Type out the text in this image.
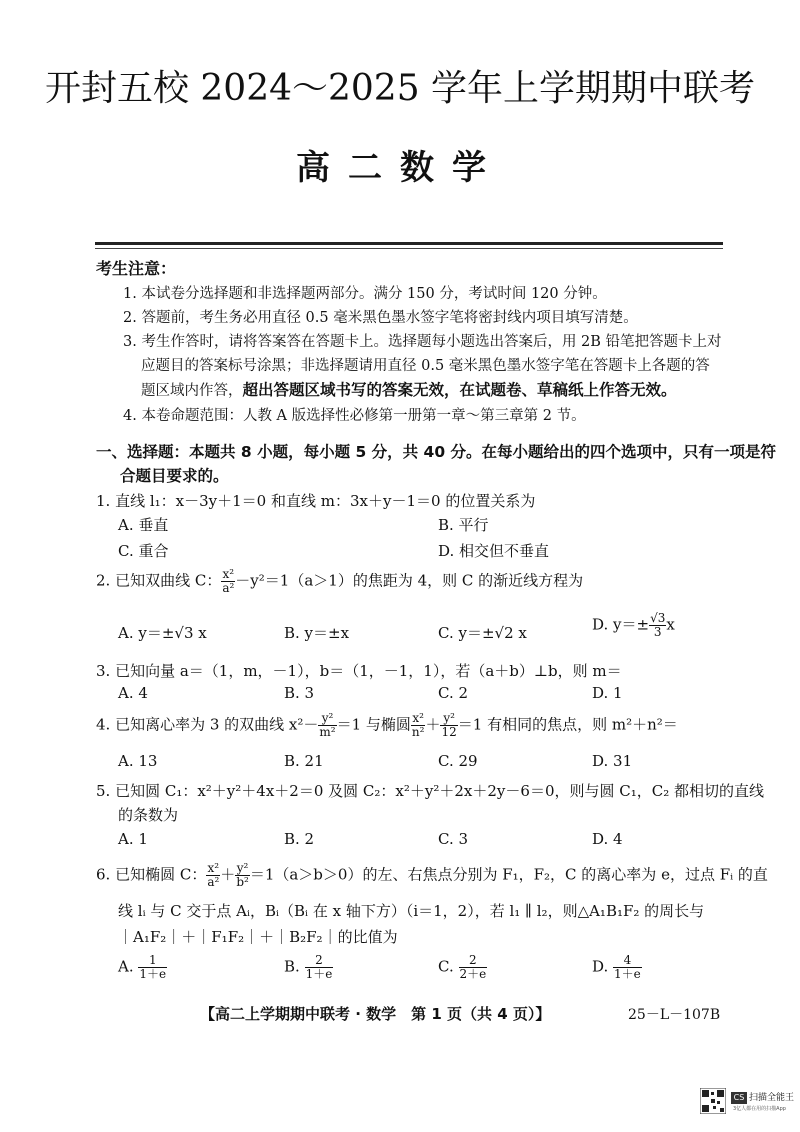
开封五校 2024～2025 学年上学期期中联考
高二数学
考生注意：
1. 本试卷分选择题和非选择题两部分。满分 150 分，考试时间 120 分钟。
2. 答题前，考生务必用直径 0.5 毫米黑色墨水签字笔将密封线内项目填写清楚。
3. 考生作答时，请将答案答在答题卡上。选择题每小题选出答案后，用 2B 铅笔把答题卡上对
应题目的答案标号涂黑；非选择题请用直径 0.5 毫米黑色墨水签字笔在答题卡上各题的答
题区域内作答，超出答题区域书写的答案无效，在试题卷、草稿纸上作答无效。
4. 本卷命题范围：人教 A 版选择性必修第一册第一章～第三章第 2 节。
一、选择题：本题共 8 小题，每小题 5 分，共 40 分。在每小题给出的四个选项中，只有一项是符
合题目要求的。
1. 直线 l₁：x－3y＋1＝0 和直线 m：3x＋y－1＝0 的位置关系为
A. 垂直	B. 平行
C. 重合	D. 相交但不垂直
2. 已知双曲线 C： $\frac{\text{x²}}{\text{a²}} -y^2=1(a>1)$的焦距为 4，则 C 的渐近线方程为
A. y＝±√3 x	B. y＝±x	C. y＝±√2 x	D. $y=\pm \frac{√3}{3}$ x
3. 已知向量 a＝（1，m，－1），b＝（1，－1，1），若（a＋b）⊥b，则 m＝
A. 4	B. 3	C. 2	D. 1
4. 已知离心率为 3 的双曲线 $x^2- \frac{\text{y²}}{\text{m²}} =1$ 与椭圆 $\frac{\text{x²}}{\text{n²}} + \frac{\text{y²}}{12} =1$ 有相同的焦点，则 m²＋n²＝
A. 13	B. 21	C. 29	D. 31
5. 已知圆 C₁：x²＋y²＋4x＋2＝0 及圆 C₂：x²＋y²＋2x＋2y－6＝0，则与圆 C₁，C₂ 都相切的直线
的条数为
A. 1	B. 2	C. 3	D. 4
6. 已知椭圆 C： $\frac{\text{x²}}{\text{a²}} + \frac{\text{y²}}{\text{b²}} =1(a>b>0)$的左、右焦点分别为 F₁，F₂，C 的离心率为 e，过点 Fᵢ 的直
线 lᵢ 与 C 交于点 Aᵢ，Bᵢ（Bᵢ 在 x 轴下方）（i＝1，2），若 l₁ ∥ l₂，则△A₁B₁F₂ 的周长与
｜A₁F₂｜＋｜F₁F₂｜＋｜B₂F₂｜的比值为
A. $\frac{1}{1+e}$	B. $\frac{2}{1+e}$	C. $\frac{2}{2+e}$	D. $\frac{4}{1+e}$
【高二上学期期中联考 · 数学　第 1 页（共 4 页）】	25－L－107B
CS 扫描全能王
3亿人都在用的扫描App
